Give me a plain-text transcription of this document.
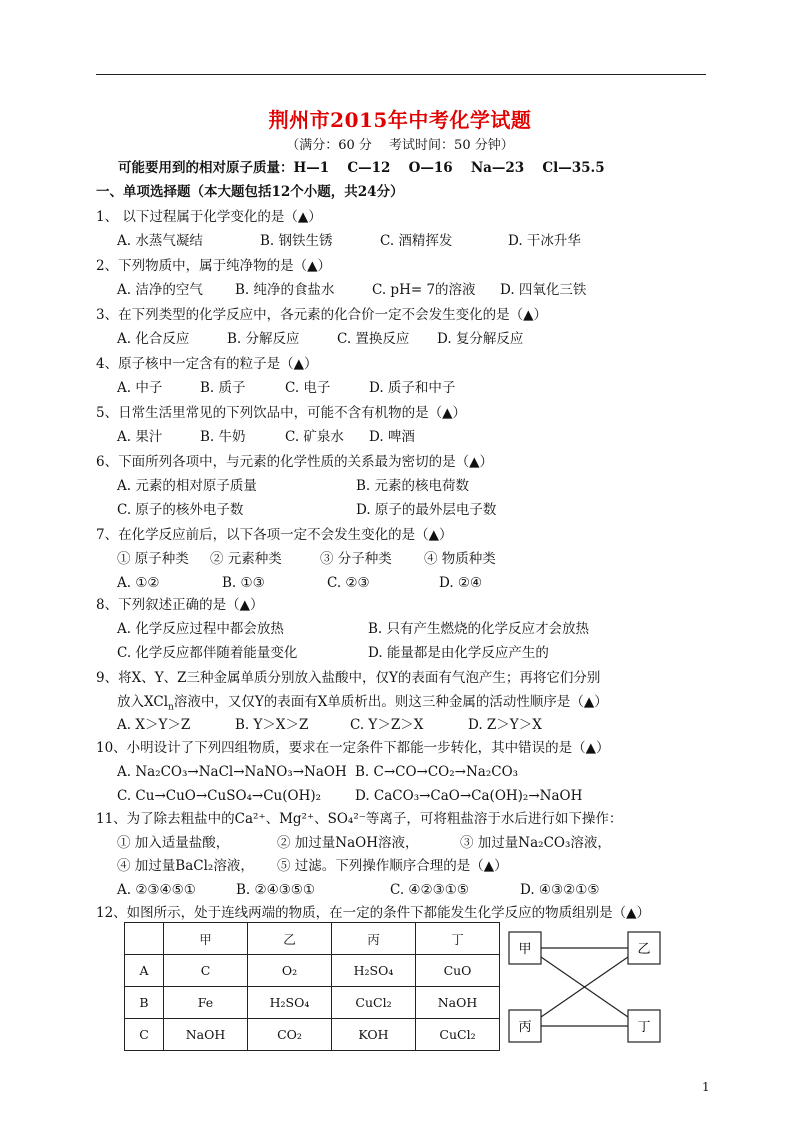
荆州市2015年中考化学试题
（满分：60 分　 考试时间：50 分钟）
可能要用到的相对原子质量：H—1　 C—12　 O—16　 Na—23　 Cl—35.5
一、单项选择题（本大题包括12个小题，共24分）
1、 以下过程属于化学变化的是（▲）
A. 水蒸气凝结	B. 钢铁生锈	C. 酒精挥发	D. 干冰升华
2、下列物质中，属于纯净物的是（▲）
A. 洁净的空气 B. 纯净的食盐水	C. pH= 7的溶液 D. 四氧化三铁
3、在下列类型的化学反应中，各元素的化合价一定不会发生变化的是（▲）
A. 化合反应	B. 分解反应	C. 置换反应 D. 复分解反应
4、原子核中一定含有的粒子是（▲）
A. 中子	B. 质子	C. 电子	D. 质子和中子
5、日常生活里常见的下列饮品中，可能不含有机物的是（▲）
A. 果汁	B. 牛奶	C. 矿泉水 D. 啤酒
6、下面所列各项中，与元素的化学性质的关系最为密切的是（▲）
A. 元素的相对原子质量	B. 元素的核电荷数
C. 原子的核外电子数	D. 原子的最外层电子数
7、在化学反应前后，以下各项一定不会发生变化的是（▲）
① 原子种类 ② 元素种类	③ 分子种类 ④ 物质种类
A. ①②	B. ①③	C. ②③	D. ②④
8、下列叙述正确的是（▲）
A. 化学反应过程中都会放热	B. 只有产生燃烧的化学反应才会放热
C. 化学反应都伴随着能量变化	D. 能量都是由化学反应产生的
9、将X、Y、Z三种金属单质分别放入盐酸中，仅Y的表面有气泡产生；再将它们分别
放入XCl$_n$溶液中，又仅Y的表面有X单质析出。则这三种金属的活动性顺序是（▲）
A. X＞Y＞Z	B. Y＞X＞Z	C. Y＞Z＞X	D. Z＞Y＞X
10、小明设计了下列四组物质，要求在一定条件下都能一步转化，其中错误的是（▲）
A. Na₂CO₃→NaCl→NaNO₃→NaOH B. C→CO→CO₂→Na₂CO₃
C. Cu→CuO→CuSO₄→Cu(OH)₂	D. CaCO₃→CaO→Ca(OH)₂→NaOH
11、为了除去粗盐中的Ca²⁺、Mg²⁺、SO₄²⁻等离子，可将粗盐溶于水后进行如下操作：
① 加入适量盐酸，	② 加过量NaOH溶液，	③ 加过量Na₂CO₃溶液，
④ 加过量BaCl₂溶液， ⑤ 过滤。下列操作顺序合理的是（▲）
A. ②③④⑤①	B. ②④③⑤①	C. ④②③①⑤	D. ④③②①⑤
12、如图所示，处于连线两端的物质，在一定的条件下都能发生化学反应的物质组别是（▲）
	甲	乙	丙	丁
A	C	O₂	H₂SO₄	CuO
B	Fe	H₂SO₄	CuCl₂	NaOH
C	NaOH	CO₂	KOH	CuCl₂
甲	乙
丙	丁
1
